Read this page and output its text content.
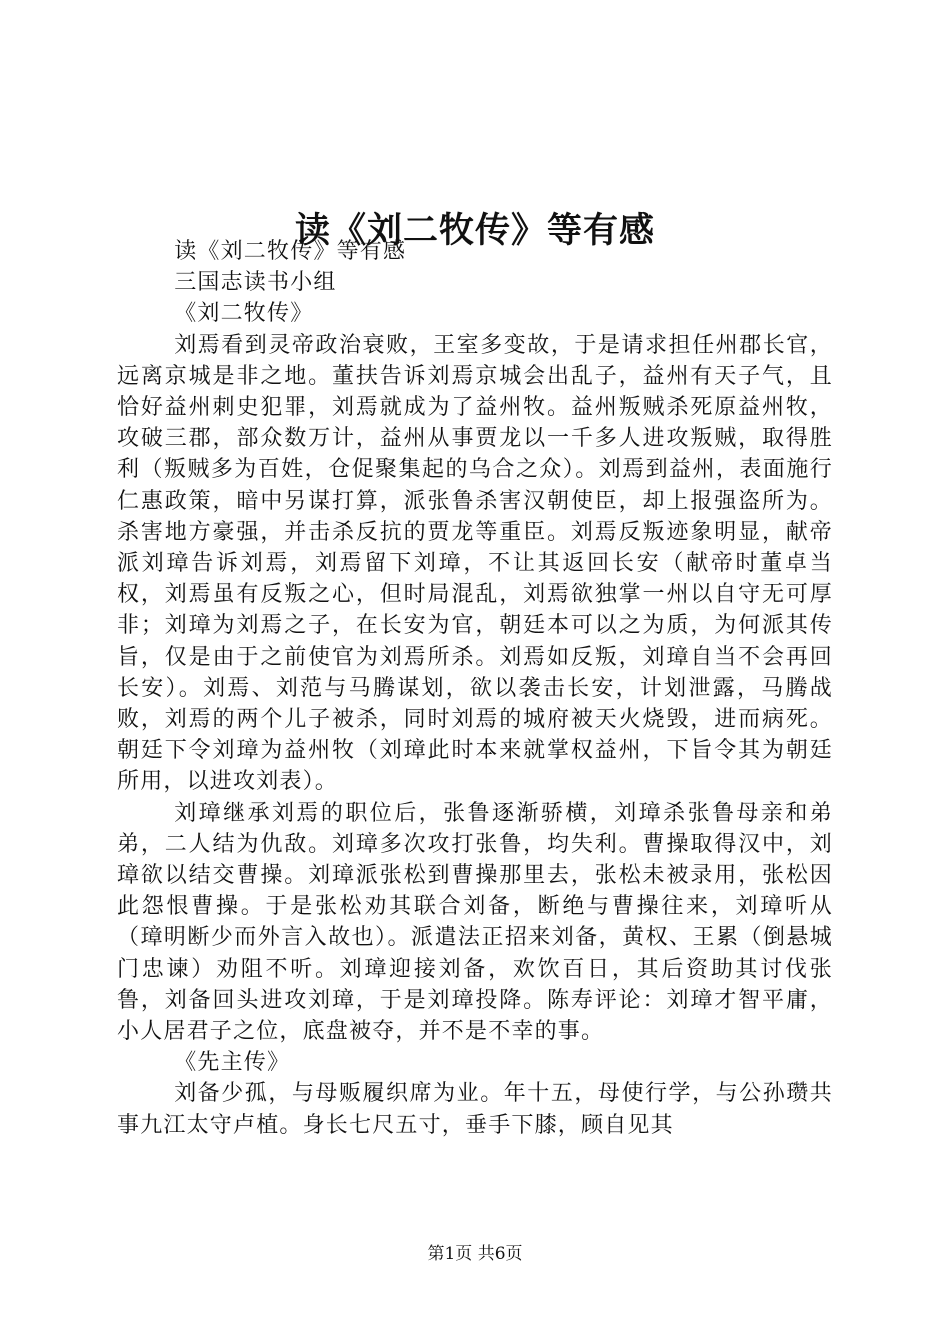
读《刘二牧传》等有感

读《刘二牧传》等有感

三国志读书小组

《刘二牧传》

刘焉看到灵帝政治衰败，王室多变故，于是请求担任州郡长官，远离京城是非之地。董扶告诉刘焉京城会出乱子，益州有天子气，且恰好益州刺史犯罪，刘焉就成为了益州牧。益州叛贼杀死原益州牧，攻破三郡，部众数万计，益州从事贾龙以一千多人进攻叛贼，取得胜利（叛贼多为百姓，仓促聚集起的乌合之众）。刘焉到益州，表面施行仁惠政策，暗中另谋打算，派张鲁杀害汉朝使臣，却上报强盗所为。杀害地方豪强，并击杀反抗的贾龙等重臣。刘焉反叛迹象明显，献帝派刘璋告诉刘焉，刘焉留下刘璋，不让其返回长安（献帝时董卓当权，刘焉虽有反叛之心，但时局混乱，刘焉欲独掌一州以自守无可厚非；刘璋为刘焉之子，在长安为官，朝廷本可以之为质，为何派其传旨，仅是由于之前使官为刘焉所杀。刘焉如反叛，刘璋自当不会再回长安）。刘焉、刘范与马腾谋划，欲以袭击长安，计划泄露，马腾战败，刘焉的两个儿子被杀，同时刘焉的城府被天火烧毁，进而病死。朝廷下令刘璋为益州牧（刘璋此时本来就掌权益州，下旨令其为朝廷所用，以进攻刘表）。

刘璋继承刘焉的职位后，张鲁逐渐骄横，刘璋杀张鲁母亲和弟弟，二人结为仇敌。刘璋多次攻打张鲁，均失利。曹操取得汉中，刘璋欲以结交曹操。刘璋派张松到曹操那里去，张松未被录用，张松因此怨恨曹操。于是张松劝其联合刘备，断绝与曹操往来，刘璋听从（璋明断少而外言入故也）。派遣法正招来刘备，黄权、王累（倒悬城门忠谏）劝阻不听。刘璋迎接刘备，欢饮百日，其后资助其讨伐张鲁，刘备回头进攻刘璋，于是刘璋投降。陈寿评论：刘璋才智平庸，小人居君子之位，底盘被夺，并不是不幸的事。

《先主传》

刘备少孤，与母贩履织席为业。年十五，母使行学，与公孙瓒共事九江太守卢植。身长七尺五寸，垂手下膝，顾自见其

第1页 共6页
